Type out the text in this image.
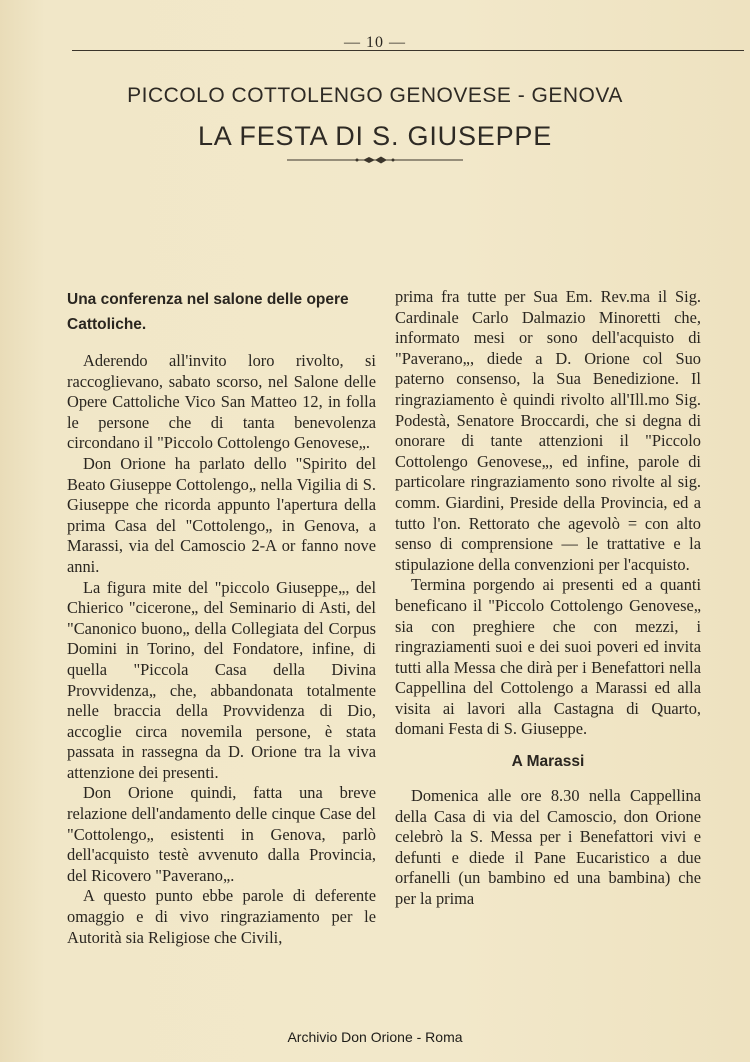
— 10 —
PICCOLO COTTOLENGO GENOVESE - GENOVA
LA FESTA DI S. GIUSEPPE
Una conferenza nel salone delle opere Cattoliche.

Aderendo all'invito loro rivolto, si raccoglievano, sabato scorso, nel Salone delle Opere Cattoliche Vico San Matteo 12, in folla le persone che di tanta benevolenza circondano il "Piccolo Cottolengo Genovese„.

Don Orione ha parlato dello "Spirito del Beato Giuseppe Cottolengo„ nella Vigilia di S. Giuseppe che ricorda appunto l'apertura della prima Casa del "Cottolengo„ in Genova, a Marassi, via del Camoscio 2-A or fanno nove anni.

La figura mite del "piccolo Giuseppe„, del Chierico "cicerone„ del Seminario di Asti, del "Canonico buono„ della Collegiata del Corpus Domini in Torino, del Fondatore, infine, di quella "Piccola Casa della Divina Provvidenza„ che, abbandonata totalmente nelle braccia della Provvidenza di Dio, accoglie circa novemila persone, è stata passata in rassegna da D. Orione tra la viva attenzione dei presenti.

Don Orione quindi, fatta una breve relazione dell'andamento delle cinque Case del "Cottolengo„ esistenti in Genova, parlò dell'acquisto testè avvenuto dalla Provincia, del Ricovero "Paverano„.

A questo punto ebbe parole di deferente omaggio e di vivo ringraziamento per le Autorità sia Religiose che Civili,

prima fra tutte per Sua Em. Rev.ma il Sig. Cardinale Carlo Dalmazio Minoretti che, informato mesi or sono dell'acquisto di "Paverano„, diede a D. Orione col Suo paterno consenso, la Sua Benedizione. Il ringraziamento è quindi rivolto all'Ill.mo Sig. Podestà, Senatore Broccardi, che si degna di onorare di tante attenzioni il "Piccolo Cottolengo Genovese„, ed infine, parole di particolare ringraziamento sono rivolte al sig. comm. Giardini, Preside della Provincia, ed a tutto l'on. Rettorato che agevolò = con alto senso di comprensione — le trattative e la stipulazione della convenzioni per l'acquisto.

Termina porgendo ai presenti ed a quanti beneficano il "Piccolo Cottolengo Genovese„ sia con preghiere che con mezzi, i ringraziamenti suoi e dei suoi poveri ed invita tutti alla Messa che dirà per i Benefattori nella Cappellina del Cottolengo a Marassi ed alla visita ai lavori alla Castagna di Quarto, domani Festa di S. Giuseppe.

A Marassi

Domenica alle ore 8.30 nella Cappellina della Casa di via del Camoscio, don Orione celebrò la S. Messa per i Benefattori vivi e defunti e diede il Pane Eucaristico a due orfanelli (un bambino ed una bambina) che per la prima

Archivio Don Orione - Roma
